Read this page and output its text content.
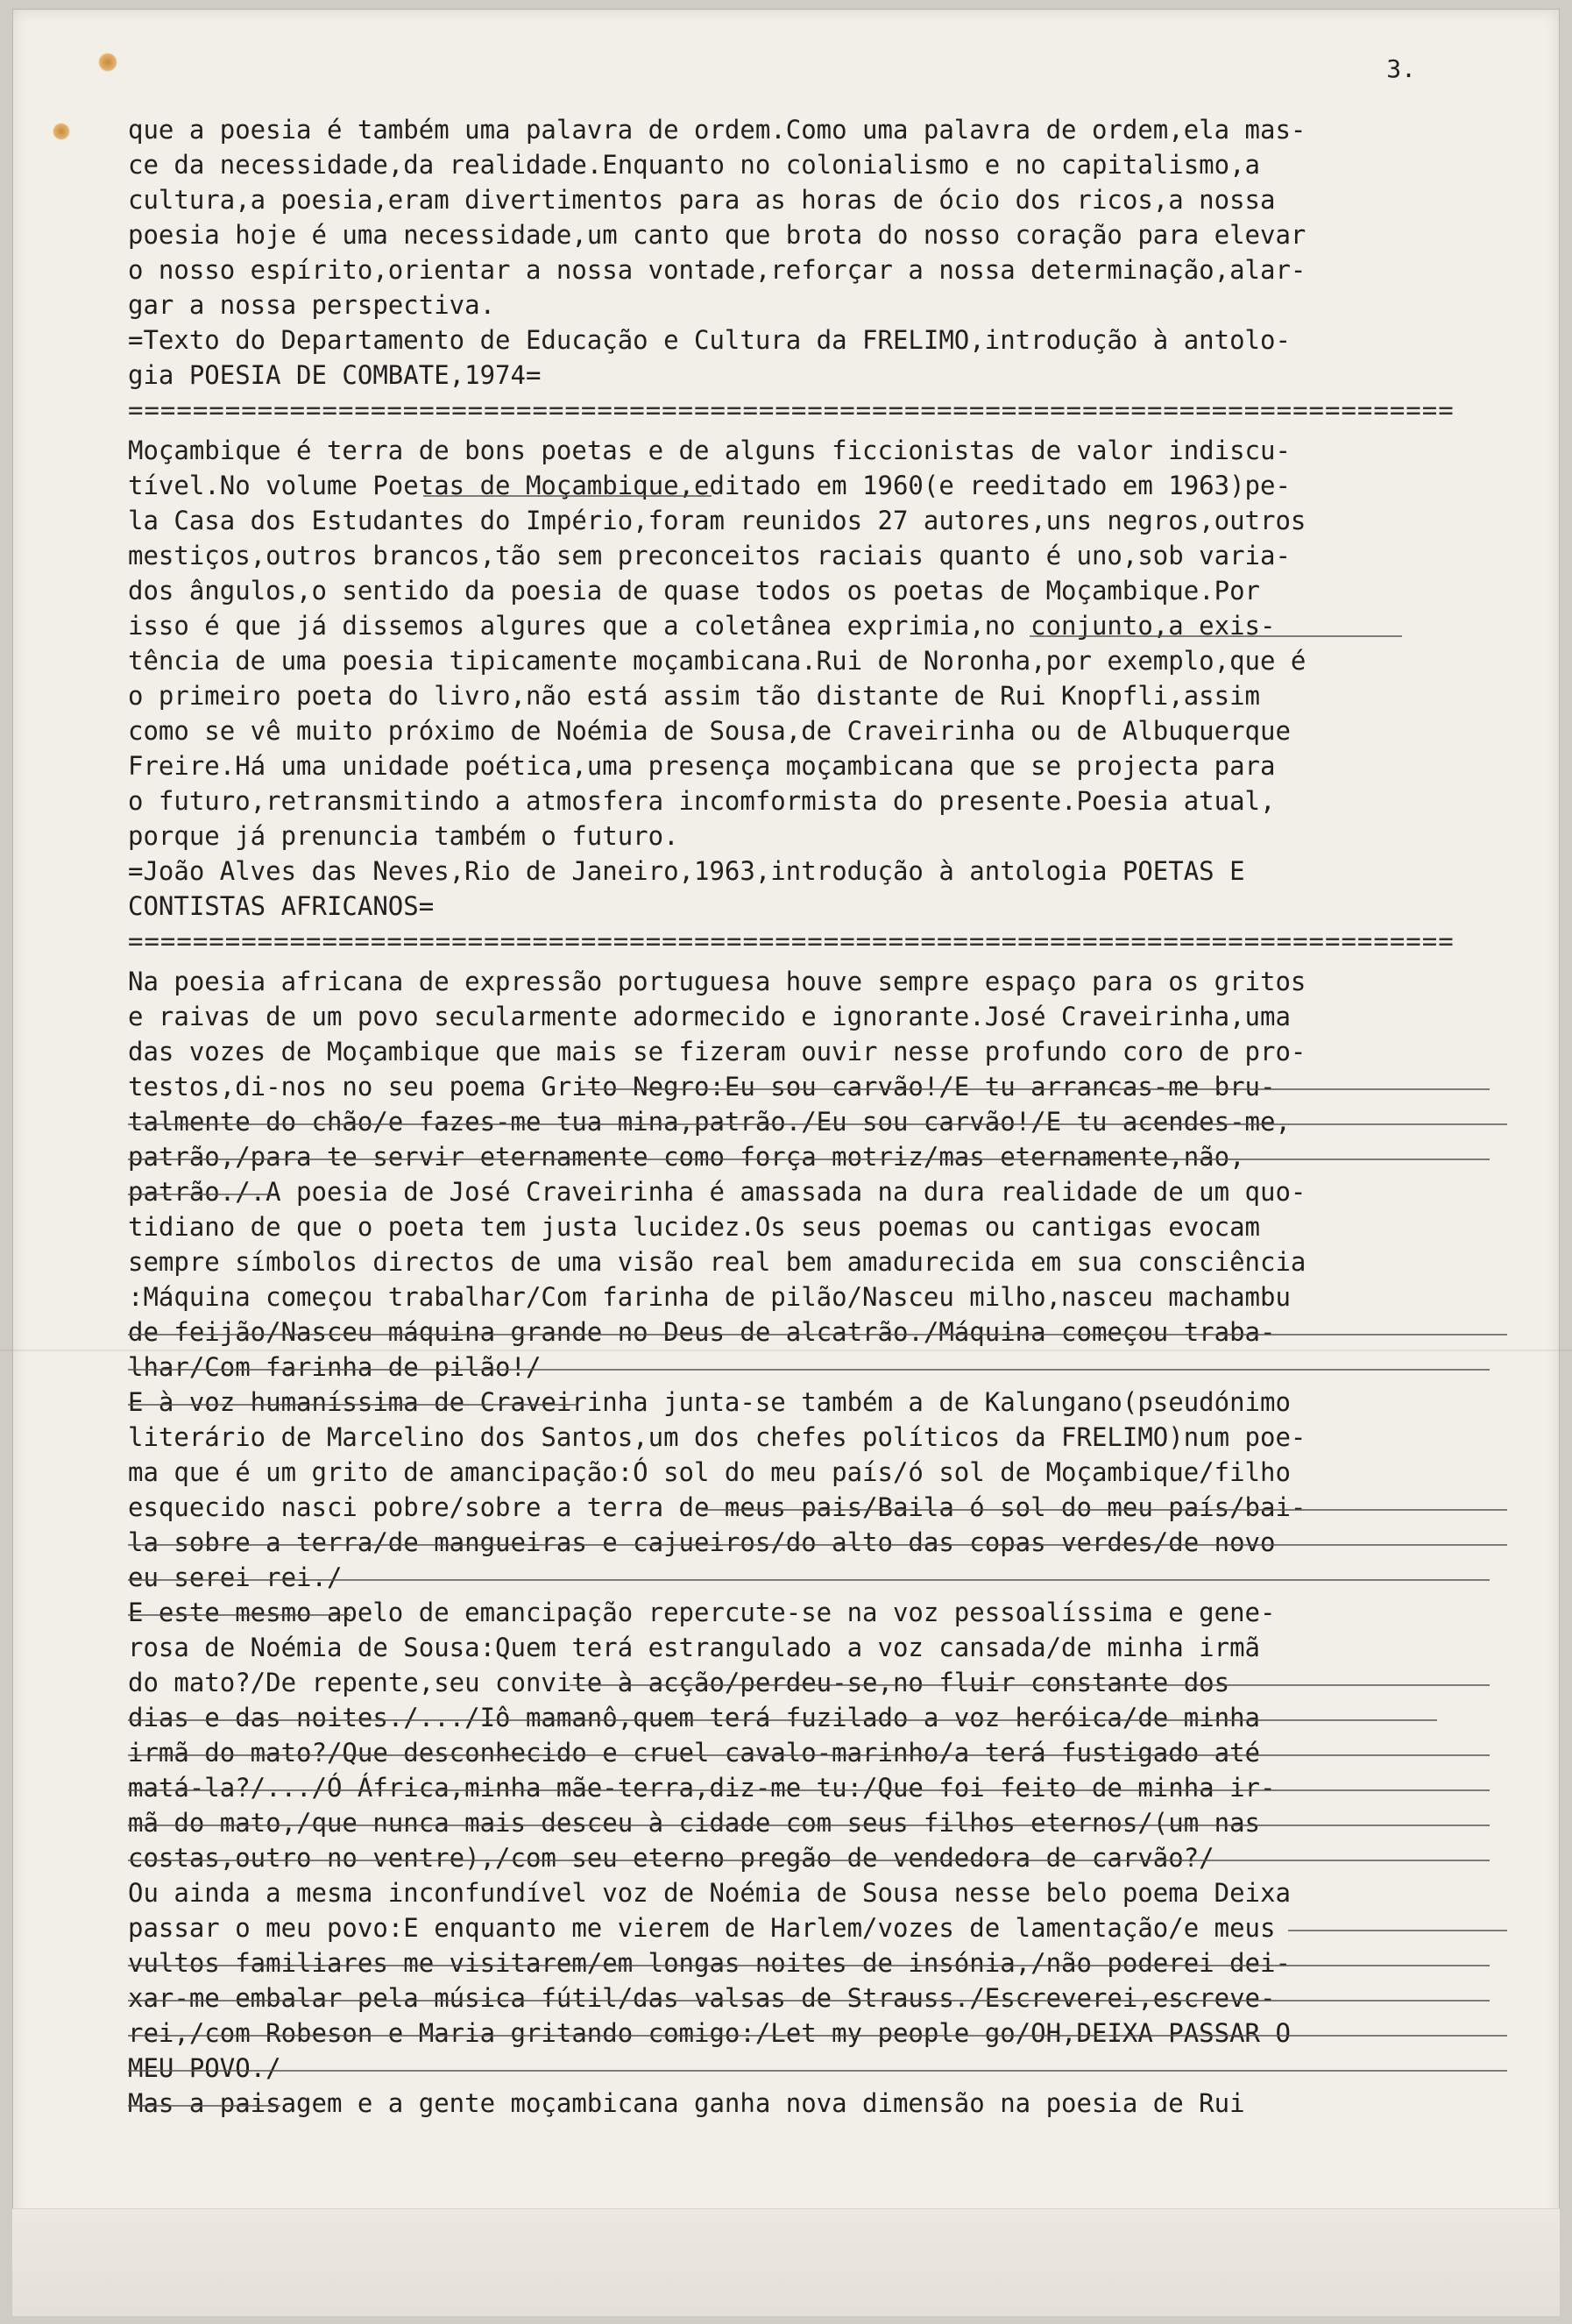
3.
que a poesia é também uma palavra de ordem.Como uma palavra de ordem,ela mas-
ce da necessidade,da realidade.Enquanto no colonialismo e no capitalismo,a
cultura,a poesia,eram divertimentos para as horas de ócio dos ricos,a nossa
poesia hoje é uma necessidade,um canto que brota do nosso coração para elevar
o nosso espírito,orientar a nossa vontade,reforçar a nossa determinação,alar-
gar a nossa perspectiva.
=Texto do Departamento de Educação e Cultura da FRELIMO,introdução à antolo-
gia POESIA DE COMBATE,1974=
==================================================================================
Moçambique é terra de bons poetas e de alguns ficcionistas de valor indiscu-
tível.No volume Poetas de Moçambique,editado em 1960(e reeditado em 1963)pe-
la Casa dos Estudantes do Império,foram reunidos 27 autores,uns negros,outros
mestiços,outros brancos,tão sem preconceitos raciais quanto é uno,sob varia-
dos ângulos,o sentido da poesia de quase todos os poetas de Moçambique.Por
isso é que já dissemos algures que a coletânea exprimia,no conjunto,a exis-
tência de uma poesia tipicamente moçambicana.Rui de Noronha,por exemplo,que é
o primeiro poeta do livro,não está assim tão distante de Rui Knopfli,assim
como se vê muito próximo de Noémia de Sousa,de Craveirinha ou de Albuquerque
Freire.Há uma unidade poética,uma presença moçambicana que se projecta para
o futuro,retransmitindo a atmosfera incomformista do presente.Poesia atual,
porque já prenuncia também o futuro.
=João Alves das Neves,Rio de Janeiro,1963,introdução à antologia POETAS E
CONTISTAS AFRICANOS=
==================================================================================
Na poesia africana de expressão portuguesa houve sempre espaço para os gritos
e raivas de um povo secularmente adormecido e ignorante.José Craveirinha,uma
das vozes de Moçambique que mais se fizeram ouvir nesse profundo coro de pro-
testos,di-nos no seu poema Grito Negro:Eu sou carvão!/E tu arrancas-me bru-
talmente do chão/e fazes-me tua mina,patrão./Eu sou carvão!/E tu acendes-me,
patrão,/para te servir eternamente como força motriz/mas eternamente,não,
patrão./.A poesia de José Craveirinha é amassada na dura realidade de um quo-
tidiano de que o poeta tem justa lucidez.Os seus poemas ou cantigas evocam
sempre símbolos directos de uma visão real bem amadurecida em sua consciência
:Máquina começou trabalhar/Com farinha de pilão/Nasceu milho,nasceu machambu
de feijão/Nasceu máquina grande no Deus de alcatrão./Máquina começou traba-
lhar/Com farinha de pilão!/
E à voz humaníssima de Craveirinha junta-se também a de Kalungano(pseudónimo
literário de Marcelino dos Santos,um dos chefes políticos da FRELIMO)num poe-
ma que é um grito de amancipação:Ó sol do meu país/ó sol de Moçambique/filho
esquecido nasci pobre/sobre a terra de meus pais/Baila ó sol do meu país/bai-
la sobre a terra/de mangueiras e cajueiros/do alto das copas verdes/de novo
eu serei rei./
E este mesmo apelo de emancipação repercute-se na voz pessoalíssima e gene-
rosa de Noémia de Sousa:Quem terá estrangulado a voz cansada/de minha irmã
do mato?/De repente,seu convite à acção/perdeu-se,no fluir constante dos
dias e das noites./.../Iô mamanô,quem terá fuzilado a voz heróica/de minha
irmã do mato?/Que desconhecido e cruel cavalo-marinho/a terá fustigado até
matá-la?/.../Ó África,minha mãe-terra,diz-me tu:/Que foi feito de minha ir-
mã do mato,/que nunca mais desceu à cidade com seus filhos eternos/(um nas
costas,outro no ventre),/com seu eterno pregão de vendedora de carvão?/
Ou ainda a mesma inconfundível voz de Noémia de Sousa nesse belo poema Deixa
passar o meu povo:E enquanto me vierem de Harlem/vozes de lamentação/e meus
vultos familiares me visitarem/em longas noites de insónia,/não poderei dei-
xar-me embalar pela música fútil/das valsas de Strauss./Escreverei,escreve-
rei,/com Robeson e Maria gritando comigo:/Let my people go/OH,DEIXA PASSAR O
MEU POVO./
Mas a paisagem e a gente moçambicana ganha nova dimensão na poesia de Rui
